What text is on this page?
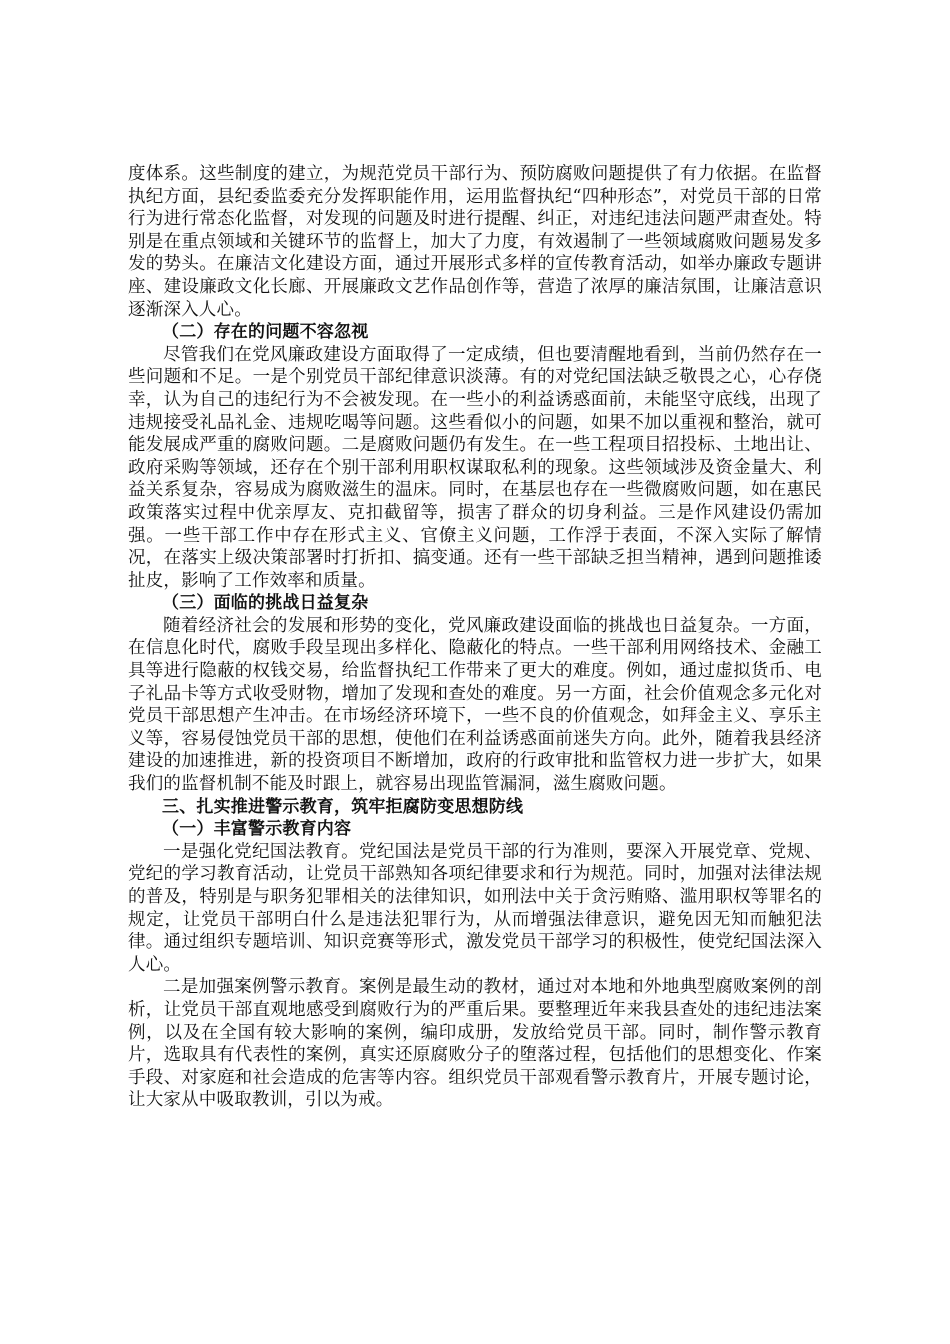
度体系。这些制度的建立，为规范党员干部行为、预防腐败问题提供了有力依据。在监督执纪方面，县纪委监委充分发挥职能作用，运用监督执纪“四种形态”，对党员干部的日常行为进行常态化监督，对发现的问题及时进行提醒、纠正，对违纪违法问题严肃查处。特别是在重点领域和关键环节的监督上，加大了力度，有效遏制了一些领域腐败问题易发多发的势头。在廉洁文化建设方面，通过开展形式多样的宣传教育活动，如举办廉政专题讲座、建设廉政文化长廊、开展廉政文艺作品创作等，营造了浓厚的廉洁氛围，让廉洁意识逐渐深入人心。

（二）存在的问题不容忽视

尽管我们在党风廉政建设方面取得了一定成绩，但也要清醒地看到，当前仍然存在一些问题和不足。一是个别党员干部纪律意识淡薄。有的对党纪国法缺乏敬畏之心，心存侥幸，认为自己的违纪行为不会被发现。在一些小的利益诱惑面前，未能坚守底线，出现了违规接受礼品礼金、违规吃喝等问题。这些看似小的问题，如果不加以重视和整治，就可能发展成严重的腐败问题。二是腐败问题仍有发生。在一些工程项目招投标、土地出让、政府采购等领域，还存在个别干部利用职权谋取私利的现象。这些领域涉及资金量大、利益关系复杂，容易成为腐败滋生的温床。同时，在基层也存在一些微腐败问题，如在惠民政策落实过程中优亲厚友、克扣截留等，损害了群众的切身利益。三是作风建设仍需加强。一些干部工作中存在形式主义、官僚主义问题，工作浮于表面，不深入实际了解情况，在落实上级决策部署时打折扣、搞变通。还有一些干部缺乏担当精神，遇到问题推诿扯皮，影响了工作效率和质量。

（三）面临的挑战日益复杂

随着经济社会的发展和形势的变化，党风廉政建设面临的挑战也日益复杂。一方面，在信息化时代，腐败手段呈现出多样化、隐蔽化的特点。一些干部利用网络技术、金融工具等进行隐蔽的权钱交易，给监督执纪工作带来了更大的难度。例如，通过虚拟货币、电子礼品卡等方式收受财物，增加了发现和查处的难度。另一方面，社会价值观念多元化对党员干部思想产生冲击。在市场经济环境下，一些不良的价值观念，如拜金主义、享乐主义等，容易侵蚀党员干部的思想，使他们在利益诱惑面前迷失方向。此外，随着我县经济建设的加速推进，新的投资项目不断增加，政府的行政审批和监管权力进一步扩大，如果我们的监督机制不能及时跟上，就容易出现监管漏洞，滋生腐败问题。

三、扎实推进警示教育，筑牢拒腐防变思想防线

（一）丰富警示教育内容

一是强化党纪国法教育。党纪国法是党员干部的行为准则，要深入开展党章、党规、党纪的学习教育活动，让党员干部熟知各项纪律要求和行为规范。同时，加强对法律法规的普及，特别是与职务犯罪相关的法律知识，如刑法中关于贪污贿赂、滥用职权等罪名的规定，让党员干部明白什么是违法犯罪行为，从而增强法律意识，避免因无知而触犯法律。通过组织专题培训、知识竞赛等形式，激发党员干部学习的积极性，使党纪国法深入人心。

二是加强案例警示教育。案例是最生动的教材，通过对本地和外地典型腐败案例的剖析，让党员干部直观地感受到腐败行为的严重后果。要整理近年来我县查处的违纪违法案例，以及在全国有较大影响的案例，编印成册，发放给党员干部。同时，制作警示教育片，选取具有代表性的案例，真实还原腐败分子的堕落过程，包括他们的思想变化、作案手段、对家庭和社会造成的危害等内容。组织党员干部观看警示教育片，开展专题讨论，让大家从中吸取教训，引以为戒。
